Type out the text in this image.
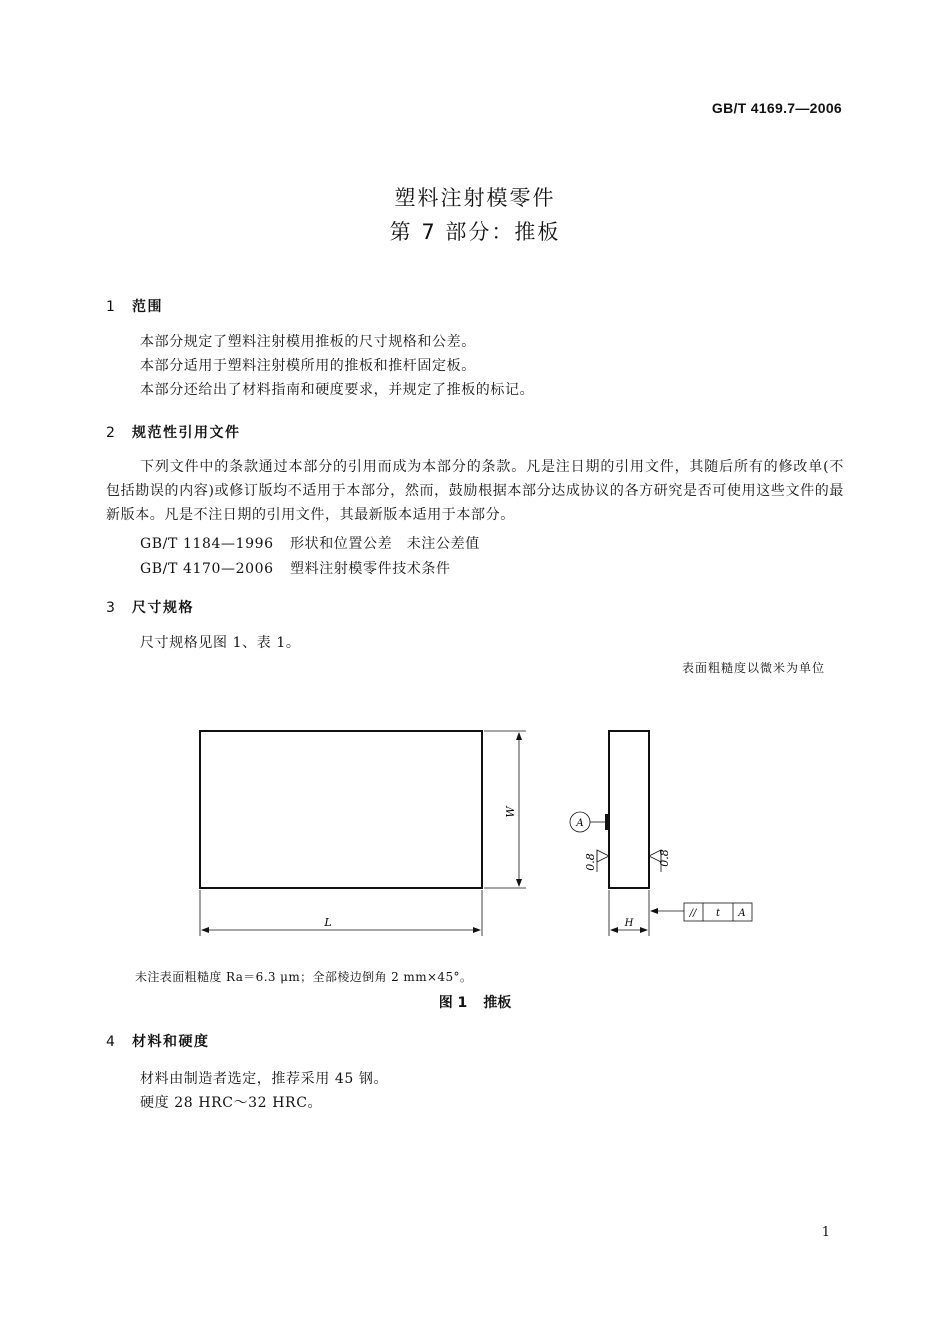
GB/T 4169.7—2006
塑料注射模零件
第 7 部分：推板
1 范围
本部分规定了塑料注射模用推板的尺寸规格和公差。
本部分适用于塑料注射模所用的推板和推杆固定板。
本部分还给出了材料指南和硬度要求，并规定了推板的标记。
2 规范性引用文件
下列文件中的条款通过本部分的引用而成为本部分的条款。凡是注日期的引用文件，其随后所有的修改单(不包括勘误的内容)或修订版均不适用于本部分，然而，鼓励根据本部分达成协议的各方研究是否可使用这些文件的最新版本。凡是不注日期的引用文件，其最新版本适用于本部分。
GB/T 1184—1996 形状和位置公差　未注公差值
GB/T 4170—2006 塑料注射模零件技术条件
3 尺寸规格
尺寸规格见图 1、表 1。
表面粗糙度以微米为单位
W
L
A
0.8	0.8
H
// t A
未注表面粗糙度 Ra＝6.3 μm；全部棱边倒角 2 mm×45°。
图 1 推板
4 材料和硬度
材料由制造者选定，推荐采用 45 钢。
硬度 28 HRC～32 HRC。
1
